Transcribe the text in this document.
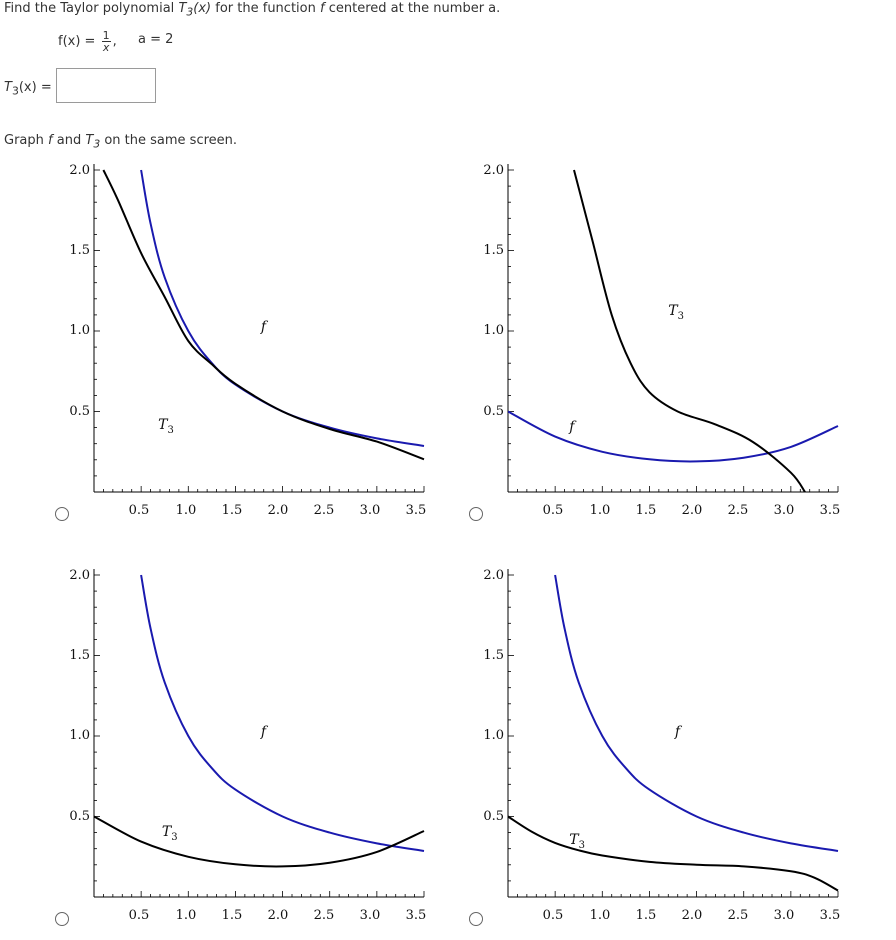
Find the Taylor polynomial $T_3(x)$ for the function f centered at the number a.
$f(x) = \frac{1}{x}$ , a = 2
$T_3(x)$ =
Graph f and $T_3$ on the same screen.
0.5 1.0 1.5 2.0 2.5 3.0 3.5
0.5
1.0
1.5
2.0
f
$T_3$
0.5 1.0 1.5 2.0 2.5 3.0 3.5
0.5
1.0
1.5
2.0
f
$T_3$
0.5 1.0 1.5 2.0 2.5 3.0 3.5
0.5
1.0
1.5
2.0
f
$T_3$
0.5 1.0 1.5 2.0 2.5 3.0 3.5
0.5
1.0
1.5
2.0
f
$T_3$
